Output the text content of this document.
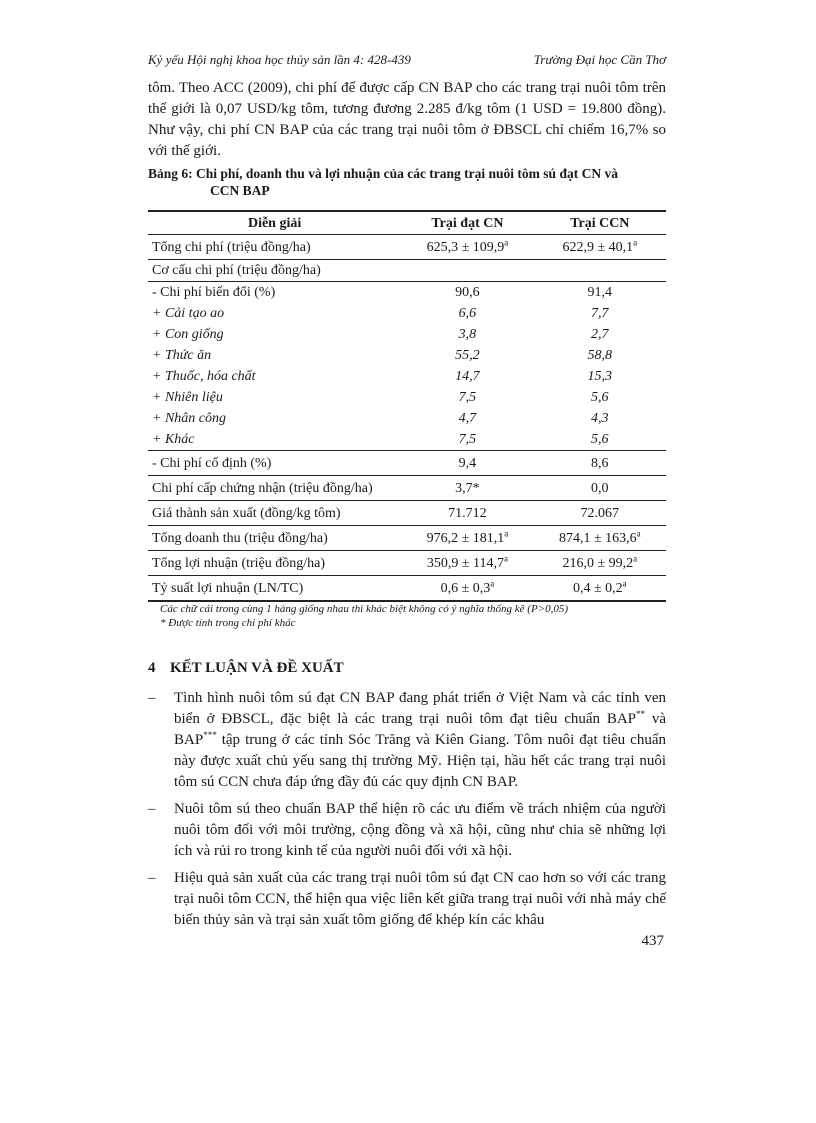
Kỷ yếu Hội nghị khoa học thủy sản lần 4: 428-439	Trường Đại học Cần Thơ

tôm. Theo ACC (2009), chi phí để được cấp CN BAP cho các trang trại nuôi tôm trên thế giới là 0,07 USD/kg tôm, tương đương 2.285 đ/kg tôm (1 USD = 19.800 đồng). Như vậy, chi phí CN BAP của các trang trại nuôi tôm ở ĐBSCL chỉ chiếm 16,7% so với thế giới.

Bảng 6: Chi phí, doanh thu và lợi nhuận của các trang trại nuôi tôm sú đạt CN và
CCN BAP
Diễn giải	Trại đạt CN	Trại CCN
Tổng chi phí (triệu đồng/ha)	625,3 ± 109,9$^a$	622,9 ± 40,1$^a$
Cơ cấu chi phí (triệu đồng/ha)		
- Chi phí biến đổi (%)	90,6	91,4
+ Cải tạo ao	6,6	7,7
+ Con giống	3,8	2,7
+ Thức ăn	55,2	58,8
+ Thuốc, hóa chất	14,7	15,3
+ Nhiên liệu	7,5	5,6
+ Nhân công	4,7	4,3
+ Khác	7,5	5,6
- Chi phí cố định (%)	9,4	8,6
Chi phí cấp chứng nhận (triệu đồng/ha)	3,7*	0,0
Giá thành sản xuất (đồng/kg tôm)	71.712	72.067
Tổng doanh thu (triệu đồng/ha)	976,2 ± 181,1$^a$	874,1 ± 163,6$^a$
Tổng lợi nhuận (triệu đồng/ha)	350,9 ± 114,7$^a$	216,0 ± 99,2$^a$
Tỷ suất lợi nhuận (LN/TC)	0,6 ± 0,3$^a$	0,4 ± 0,2$^a$
Các chữ cái trong cùng 1 hàng giống nhau thì khác biệt không có ý nghĩa thống kê (P>0,05)
* Được tính trong chi phí khác
4 KẾT LUẬN VÀ ĐỀ XUẤT
– Tình hình nuôi tôm sú đạt CN BAP đang phát triển ở Việt Nam và các tỉnh ven biển ở ĐBSCL, đặc biệt là các trang trại nuôi tôm đạt tiêu chuẩn BAP** và BAP*** tập trung ở các tỉnh Sóc Trăng và Kiên Giang. Tôm nuôi đạt tiêu chuẩn này được xuất chủ yếu sang thị trường Mỹ. Hiện tại, hầu hết các trang trại nuôi tôm sú CCN chưa đáp ứng đầy đủ các quy định CN BAP.
– Nuôi tôm sú theo chuẩn BAP thể hiện rõ các ưu điểm về trách nhiệm của người nuôi tôm đối với môi trường, cộng đồng và xã hội, cũng như chia sẽ những lợi ích và rủi ro trong kinh tế của người nuôi đối với xã hội.
– Hiệu quả sản xuất của các trang trại nuôi tôm sú đạt CN cao hơn so với các trang trại nuôi tôm CCN, thể hiện qua việc liên kết giữa trang trại nuôi với nhà máy chế biến thủy sản và trại sản xuất tôm giống để khép kín các khâu
437
